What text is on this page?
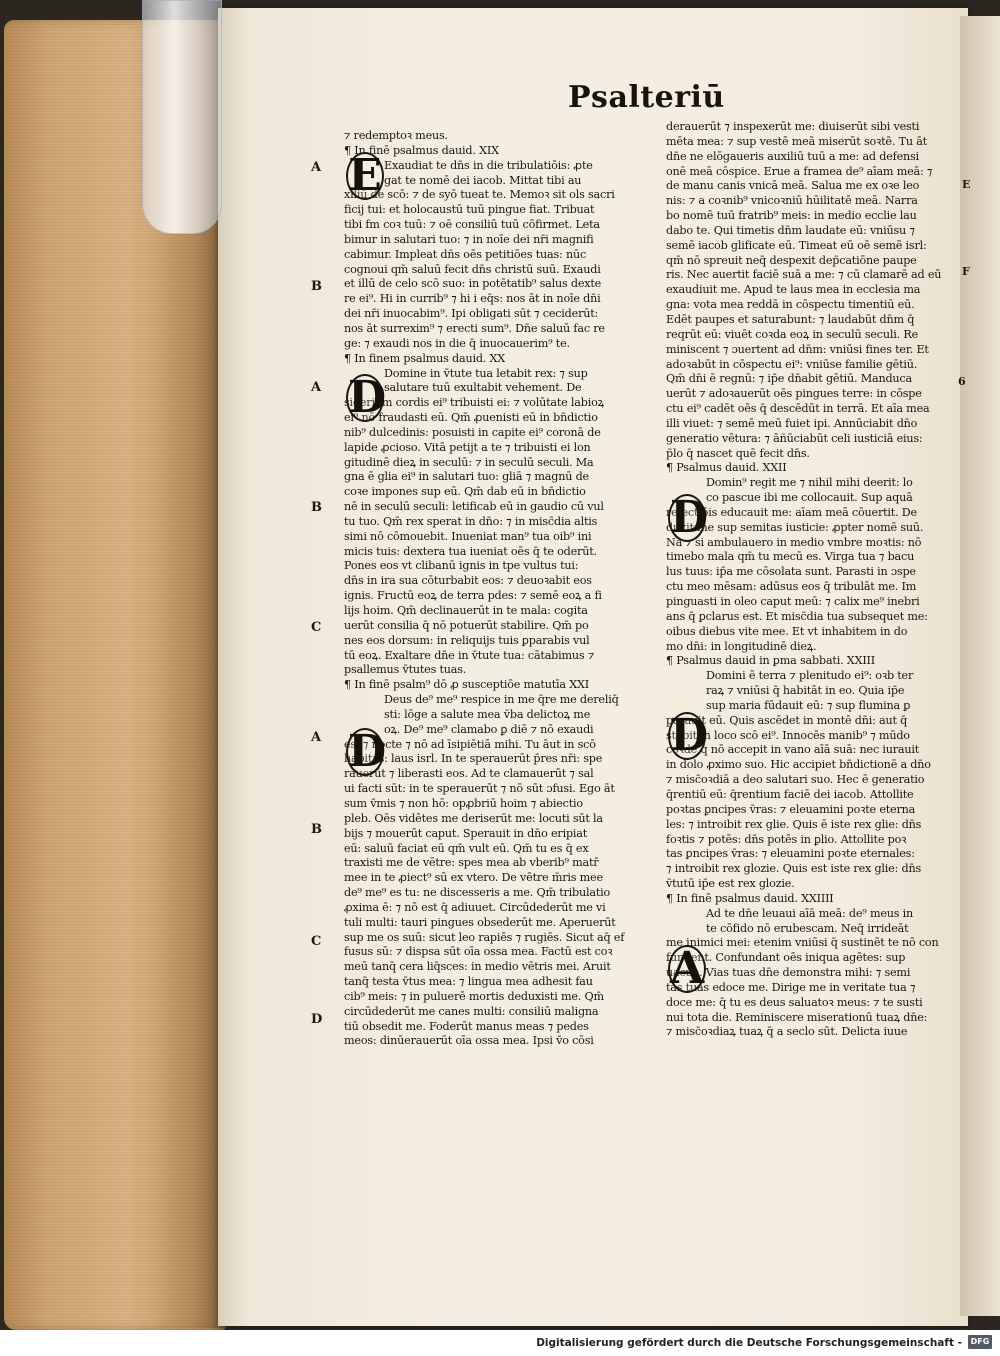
Psalteriū
⁊ redemptoꝛ meus.
¶ In finē psalmus dauid. XIX
Exaudiat te dn̄s in die tribulatiōis: ꝓte
gat te nomē dei iacob. Mittat tibi au
xiliū de scō: ⁊ de syō tueat te. Memoꝛ sit ol̄s sacri
ficij tui: et holocaustū tuū pingue fiat. Tribuat
tibi fm coꝛ tuū: ⁊ oē consiliū tuū cōfirmet. Leta
bimur in salutari tuo: ⁊ in noīe dei nr̄i magnifi
cabimur. Impleat dn̄s oēs petitiōes tuas: nūc
cognoui qm̄ saluū fecit dn̄s christū suū. Exaudi
et illū de celo scō suo: in potētatib⁹ salus dexte
re ei⁹. Hi in currib⁹ ⁊ hi i eq̄s: nos āt in noīe dn̄i
dei nr̄i inuocabim⁹. Ipi obligati sūt ⁊ ceciderūt:
nos āt surrexim⁹ ⁊ erecti sum⁹. Dn̄e saluū fac re
ge: ⁊ exaudi nos in die q̄ inuocauerim⁹ te.
¶ In finem psalmus dauid. XX
Domine in v̄tute tua letabit rex: ⁊ sup
salutare tuū exultabit vehement. De
siderium cordis ei⁹ tribuisti ei: ⁊ volūtate labioꝝ
ei⁹ nō fraudasti eū. Qm̄ ꝓuenisti eū in bn̄dictio
nib⁹ dulcedinis: posuisti in capite ei⁹ coronā de
lapide ꝓcioso. Vitā petijt a te ⁊ tribuisti ei lon
gitudinē dieꝝ in seculū: ⁊ in seculū seculi. Ma
gna ē glia ei⁹ in salutari tuo: gliā ⁊ magnū de
coꝛe impones sup eū. Qm̄ dab eū in bn̄dictio
nē in seculū seculi: letificab eū in gaudio cū vul
tu tuo. Qm̄ rex sperat in dn̄o: ⁊ in misc̄dia altis
simi nō cōmouebit. Inueniat man⁹ tua oib⁹ ini
micis tuis: dextera tua iueniat oēs q̄ te oderūt.
Pones eos vt clibanū ignis in tpe vultus tui:
dn̄s in ira sua cōturbabit eos: ⁊ deuoꝛabit eos
ignis. Fructū eoꝝ de terra pdes: ⁊ semē eoꝝ a fi
lijs hoim. Qm̄ declinauerūt in te mala: cogita
uerūt consilia q̄ nō potuerūt stabilire. Qm̄ po
nes eos dorsum: in reliquijs tuis ꝑparabis vul
tū eoꝝ. Exaltare dn̄e in v̄tute tua: cātabimus ⁊
psallemus v̄tutes tuas.
¶ In finē psalm⁹ dō ꝓ susceptiōe matutīa XXI
Deus de⁹ me⁹ respice in me q̄re me dereliq̄
sti: lōge a salute mea v̄ba delictoꝝ me
oꝝ. De⁹ me⁹ clamabo ꝑ diē ⁊ nō exaudi
es: ⁊ nocte ⁊ nō ad īsipiētiā mihi. Tu āut in scō
habitas: laus isrl̄. In te sperauerūt p̄res nr̄i: spe
rauerūt ⁊ liberasti eos. Ad te clamauerūt ⁊ sal
ui facti sūt: in te sperauerūt ⁊ nō sūt ɔfusi. Ego āt
sum v̄mis ⁊ non hō: opꝓbriū hoim ⁊ abiectio
pleb. Oēs vidētes me deriserūt me: locuti sūt la
bijs ⁊ mouerūt caput. Sperauit in dn̄o eripiat
eū: saluū faciat eū qm̄ vult eū. Qm̄ tu es q̄ ex
traxisti me de vētre: spes mea ab vberib⁹ matr̄
mee in te ꝓiect⁹ sū ex vtero. De vētre m̄ris mee
de⁹ me⁹ es tu: ne discesseris a me. Qm̄ tribulatio
ꝓxima ē: ⁊ nō est q̄ adiuuet. Circūdederūt me vi
tuli multi: tauri pingues obsederūt me. Aperuerūt
sup me os suū: sicut leo rapiēs ⁊ rugiēs. Sicut aq̄ ef
fusus sū: ⁊ dispsa sūt oīa ossa mea. Factū est coꝛ
meū tanq̄ cera liq̄sces: in medio vētris mei. Aruit
tanq̄ testa v̄tus mea: ⁊ lingua mea adhesit fau
cib⁹ meis: ⁊ in puluerē mortis deduxisti me. Qm̄
circūdederūt me canes multi: consiliū maligna
tiū obsedit me. Foderūt manus meas ⁊ pedes
meos: dinūerauerūt oīa ossa mea. Ipsi v̄o cōsi
derauerūt ⁊ inspexerūt me: diuiserūt sibi vesti
mēta mea: ⁊ sup vestē meā miserūt soꝛtē. Tu āt
dn̄e ne elōgaueris auxiliū tuū a me: ad defensi
onē meā cōspice. Erue a framea de⁹ aīam meā: ⁊
de manu canis vnicā meā. Salua me ex oꝛe leo
nis: ⁊ a coꝛnib⁹ vnicoꝛniū hūilitatē meā. Narra
bo nomē tuū fratrib⁹ meis: in medio eccl̄ie lau
dabo te. Qui timetis dn̄m laudate eū: vniūsu ⁊
semē iacob glificate eū. Timeat eū oē semē isrl̄:
qm̄ nō spreuit neq̄ despexit dep̄catiōne paupe
ris. Nec auertit faciē suā a me: ⁊ cū clamarē ad eū
exaudiuit me. Apud te laus mea in ecclesia ma
gna: vota mea reddā in cōspectu timentiū eū.
Edēt paupes et saturabunt: ⁊ laudabūt dn̄m q̄
reqrūt eū: viuēt coꝛda eoꝝ in seculū seculi. Re
miniscent ⁊ ɔuertent ad dn̄m: vniūsi fines ter. Et
adoꝛabūt in cōspectu ei⁹: vniūse familie gētiū.
Qm̄ dn̄i ē regnū: ⁊ ip̄e dn̄abit gētiū. Manduca
uerūt ⁊ adoꝛauerūt oēs pingues terre: in cōspe
ctu ei⁹ cadēt oēs q̄ descēdūt in terrā. Et aīa mea
illi viuet: ⁊ semē meū fuiet ipi. Annūciabit dn̄o
generatio vētura: ⁊ āñūciabūt celi iusticiā eius:
p̄lo q̄ nascet quē fecit dn̄s.
¶ Psalmus dauid. XXII
Domin⁹ regit me ⁊ nihil mihi deerit: lo
co pascue ibi me collocauit. Sup aquā
refectiōis educauit me: aīam meā cōuertit. De
duxit me sup semitas iusticie: ꝓpter nomē suū.
Nā ⁊ si ambulauero in medio vmbre moꝛtis: nō
timebo mala qm̄ tu mecū es. Virga tua ⁊ bacu
lus tuus: ip̄a me cōsolata sunt. Parasti in ɔspe
ctu meo mēsam: adūsus eos q̄ tribulāt me. Im
pinguasti in oleo caput meū: ⁊ calix me⁹ inebri
ans q̄ ꝑclarus est. Et misc̄dia tua subsequet me:
oibus diebus vite mee. Et vt inhabitem in do
mo dn̄i: in longitudinē dieꝝ.
¶ Psalmus dauid in ꝑma sabbati. XXIII
Domini ē terra ⁊ plenitudo ei⁹: oꝛb ter
raꝝ ⁊ vniūsi q̄ habitāt in eo. Quia ip̄e
sup maria fūdauit eū: ⁊ sup flumina ꝑ
parauit eū. Quis ascēdet in montē dn̄i: aut q̄
stabit in loco scō ei⁹. Innocēs manib⁹ ⁊ mūdo
coꝛde q̄ nō accepit in vano aīā suā: nec iurauit
in dolo ꝓximo suo. Hic accipiet bn̄dictionē a dn̄o
⁊ misc̄oꝛdiā a deo salutari suo. Hec ē generatio
q̄rentiū eū: q̄rentium faciē dei iacob. Attollite
poꝛtas ꝑncipes v̄ras: ⁊ eleuamini poꝛte eterna
les: ⁊ introibit rex glie. Quis ē iste rex glie: dn̄s
foꝛtis ⁊ potēs: dn̄s potēs in ꝑlio. Attollite poꝛ
tas ꝑncipes v̄ras: ⁊ eleuamini poꝛte eternales:
⁊ introibit rex glozie. Quis est iste rex glie: dn̄s
v̄tutū ip̄e est rex glozie.
¶ In finē psalmus dauid. XXIIII
Ad te dn̄e leuaui aīā meā: de⁹ meus in
te cōfido nō erubescam. Neq̄ irrideāt
me inimici mei: etenim vniūsi q̄ sustinēt te nō con
fundent. Confundant oēs iniqua agētes: sup
uacue. Vias tuas dn̄e demonstra mihi: ⁊ semi
tas tuas edoce me. Dirige me in veritate tua ⁊
doce me: q̄ tu es deus saluatoꝛ meus: ⁊ te susti
nui tota die. Reminiscere miserationū tuaꝝ dn̄e:
⁊ misc̄oꝛdiaꝝ tuaꝝ q̄ a seclo sūt. Delicta iuue
E
D
D
D
D
A
A
B
A
B
C
A
B
C
D
E
F
6
Digitalisierung gefördert durch die Deutsche Forschungsgemeinschaft -	DFG
